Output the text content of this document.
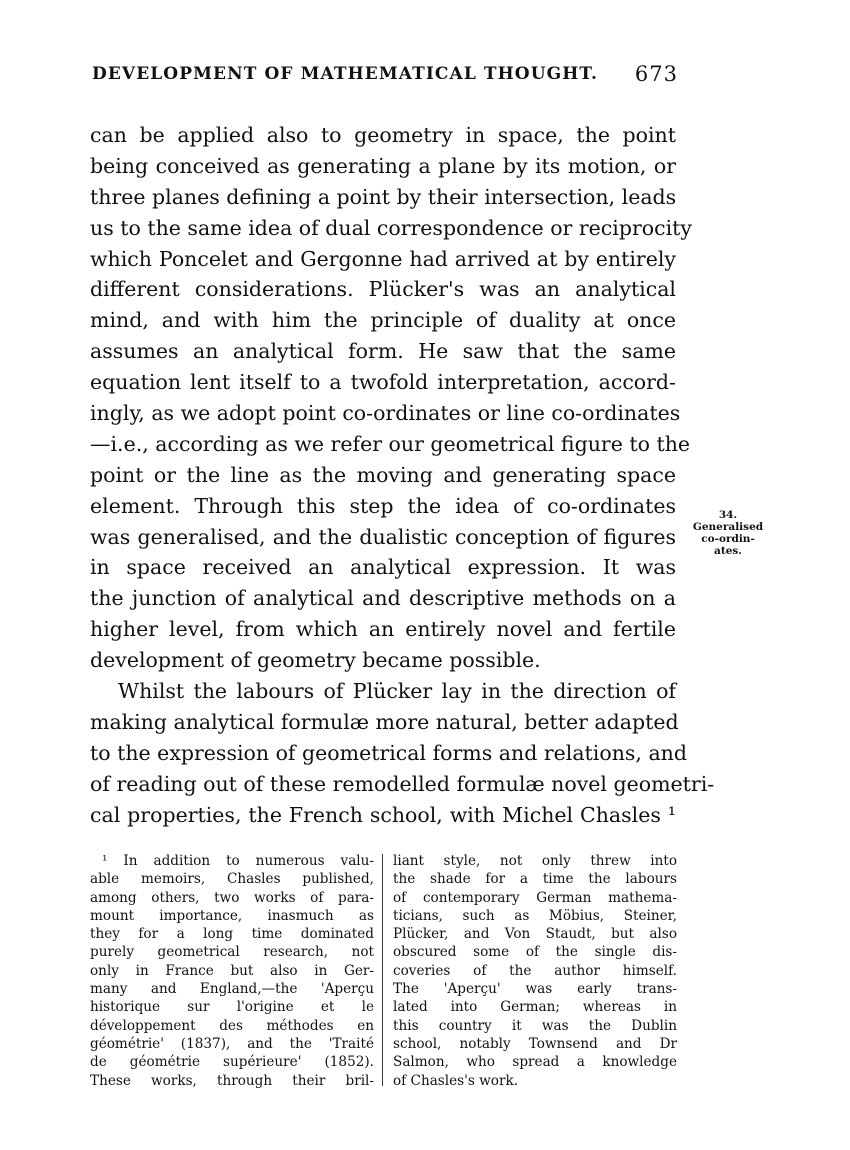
DEVELOPMENT OF MATHEMATICAL THOUGHT. 673
can be applied also to geometry in space, the point
being conceived as generating a plane by its motion, or
three planes defining a point by their intersection, leads
us to the same idea of dual correspondence or reciprocity
which Poncelet and Gergonne had arrived at by entirely
different considerations. Plücker's was an analytical
mind, and with him the principle of duality at once
assumes an analytical form. He saw that the same
equation lent itself to a twofold interpretation, accord-
ingly, as we adopt point co-ordinates or line co-ordinates
—i.e., according as we refer our geometrical figure to the
point or the line as the moving and generating space
element. Through this step the idea of co-ordinates
was generalised, and the dualistic conception of figures
in space received an analytical expression. It was
the junction of analytical and descriptive methods on a
higher level, from which an entirely novel and fertile
development of geometry became possible.
Whilst the labours of Plücker lay in the direction of
making analytical formulæ more natural, better adapted
to the expression of geometrical forms and relations, and
of reading out of these remodelled formulæ novel geometri-
cal properties, the French school, with Michel Chasles ¹
34.
Generalised
co-ordin-
ates.
¹ In addition to numerous valu-
able memoirs, Chasles published,
among others, two works of para-
mount importance, inasmuch as
they for a long time dominated
purely geometrical research, not
only in France but also in Ger-
many and England,—the 'Aperçu
historique sur l'origine et le
développement des méthodes en
géométrie' (1837), and the 'Traité
de géométrie supérieure' (1852).
These works, through their bril-
liant style, not only threw into
the shade for a time the labours
of contemporary German mathema-
ticians, such as Möbius, Steiner,
Plücker, and Von Staudt, but also
obscured some of the single dis-
coveries of the author himself.
The 'Aperçu' was early trans-
lated into German; whereas in
this country it was the Dublin
school, notably Townsend and Dr
Salmon, who spread a knowledge
of Chasles's work.
